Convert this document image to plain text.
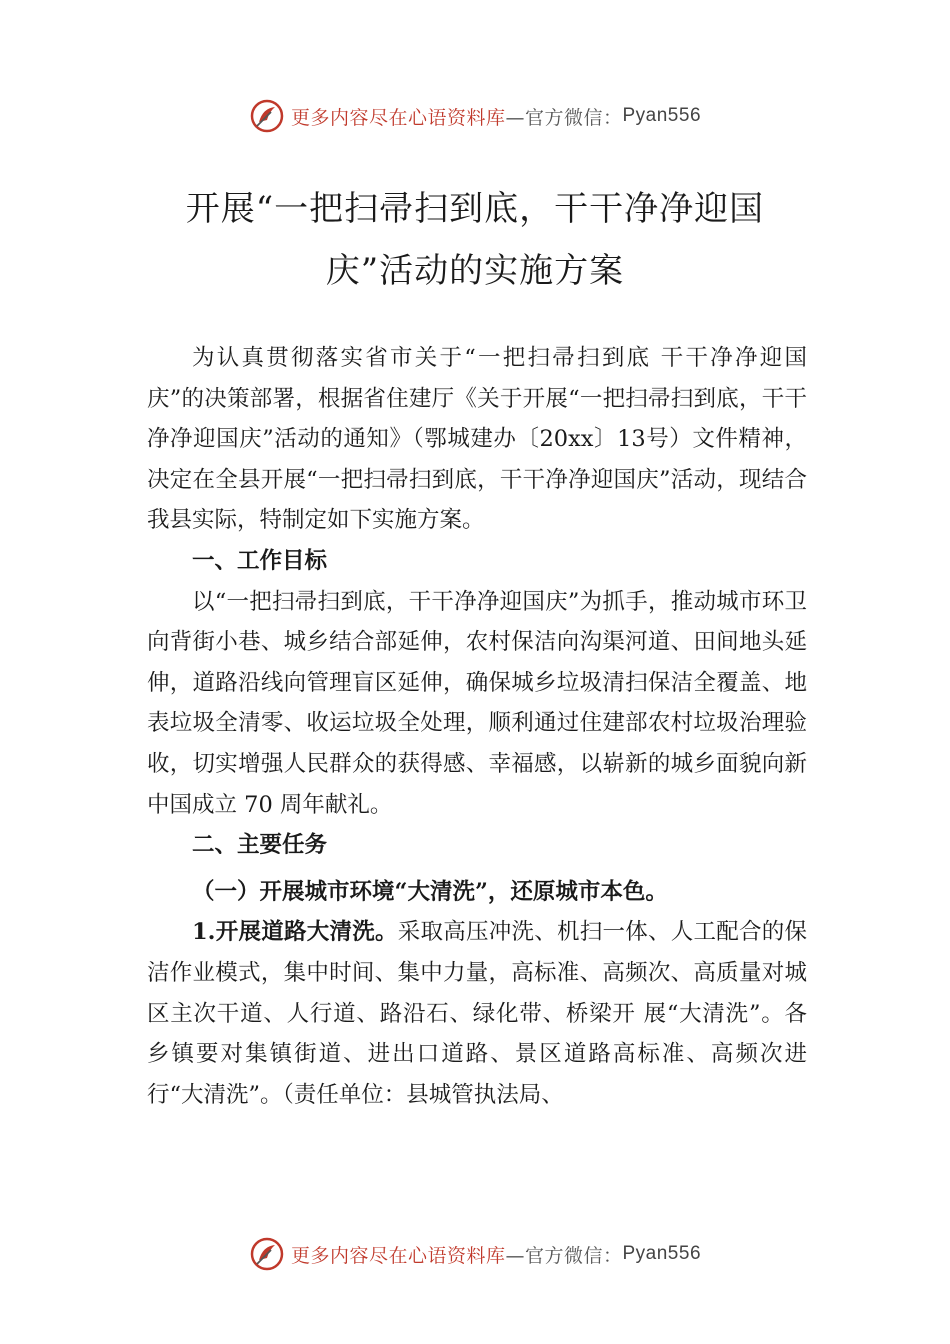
更多内容尽在心语资料库 —官方微信： Pyan556
开展“一把扫帚扫到底，干干净净迎国
庆”活动的实施方案

为认真贯彻落实省市关于“一把扫帚扫到底 干干净净迎国庆”的决策部署，根据省住建厅《关于开展“一把扫帚扫到底，干干净净迎国庆”活动的通知》（鄂城建办〔20xx〕13号）文件精神，决定在全县开展“一把扫帚扫到底，干干净净迎国庆”活动，现结合我县实际，特制定如下实施方案。

一、工作目标

以“一把扫帚扫到底，干干净净迎国庆”为抓手，推动城市环卫向背街小巷、城乡结合部延伸，农村保洁向沟渠河道、田间地头延伸，道路沿线向管理盲区延伸，确保城乡垃圾清扫保洁全覆盖、地表垃圾全清零、收运垃圾全处理，顺利通过住建部农村垃圾治理验收，切实增强人民群众的获得感、幸福感，以崭新的城乡面貌向新中国成立 70 周年献礼。

二、主要任务

（一）开展城市环境“大清洗”，还原城市本色。

1.开展道路大清洗。采取高压冲洗、机扫一体、人工配合的保洁作业模式，集中时间、集中力量，高标准、高频次、高质量对城区主次干道、人行道、路沿石、绿化带、桥梁开 展“大清洗”。各乡镇要对集镇街道、进出口道路、景区道路高标准、高频次进行“大清洗”。（责任单位：县城管执法局、

更多内容尽在心语资料库 —官方微信： Pyan556
